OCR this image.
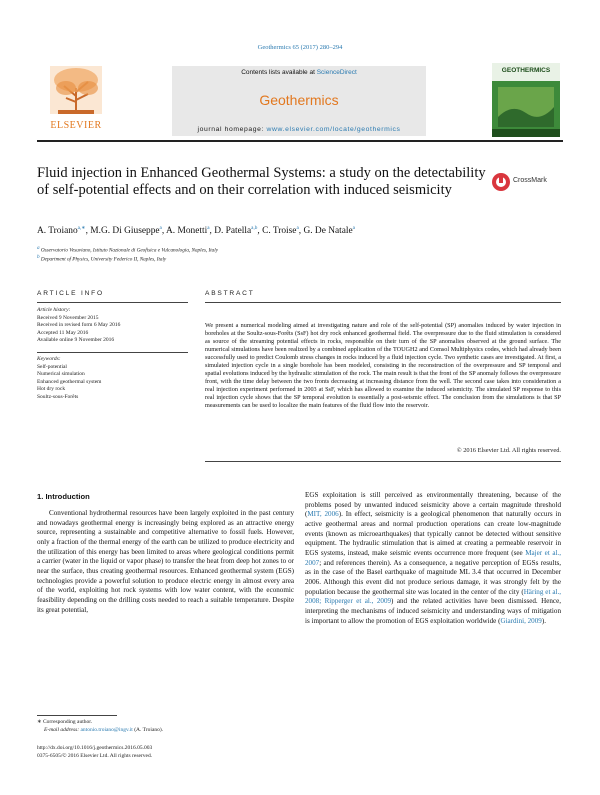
Geothermics 65 (2017) 280–294
ELSEVIER
Contents lists available at ScienceDirect
Geothermics
journal homepage: www.elsevier.com/locate/geothermics
GEOTHERMICS
Fluid injection in Enhanced Geothermal Systems: a study on the detectability of self-potential effects and on their correlation with induced seismicity
CrossMark
A. Troiano$^{a,∗}$, M.G. Di Giuseppe$^a$, A. Monetti$^a$, D. Patella$^{a,b}$, C. Troise$^a$, G. De Natale$^a$
a Osservatorio Vesuviano, Istituto Nazionale di Geofisica e Vulcanologia, Naples, Italy
b Department of Physics, University Federico II, Naples, Italy
ARTICLE INFO	ABSTRACT
Article history:
Received 9 November 2015
Received in revised form 6 May 2016
Accepted 11 May 2016
Available online 9 November 2016
Keywords:
Self-potential
Numerical simulation
Enhanced geothermal system
Hot dry rock
Soultz-sous-Forêts
We present a numerical modeling aimed at investigating nature and role of the self-potential (SP) anomalies induced by water injection in boreholes at the Soultz-sous-Forêts (SsF) hot dry rock enhanced geothermal field. The overpressure due to the fluid stimulation is considered as source of the streaming potential effects in rocks, responsible on their turn of the SP anomalies observed at the ground surface. The numerical simulations have been realized by a combined application of the TOUGH2 and Comsol Multiphysics codes, which had already been successfully used to predict Coulomb stress changes in rocks induced by a fluid injection cycle. Two synthetic cases are investigated. At first, a simulated injection cycle in a single borehole has been modeled, consisting in the reconstruction of the overpressure and SP temporal and spatial evolutions induced by the hydraulic stimulation of the rock. The main result is that the front of the SP anomaly follows the overpressure front, with the time delay between the two fronts decreasing at increasing distance from the well. The second case takes into consideration a real injection experiment performed in 2003 at SsF, which has allowed to examine the induced seismicity. The simulated SP response to this real injection cycle shows that the SP temporal evolution is essentially a post-seismic effect. The conclusion from the simulations is that SP measurements can be used to localize the main features of the fluid flow into the reservoir.
© 2016 Elsevier Ltd. All rights reserved.
1. Introduction
Conventional hydrothermal resources have been largely exploited in the past century and nowadays geothermal energy is increasingly being explored as an attractive energy source, representing a sustainable and competitive alternative to fossil fuels. However, only a fraction of the thermal energy of the earth can be utilized to produce electricity and the utilization of this energy has been limited to areas where geological conditions permit a carrier (water in the liquid or vapor phase) to transfer the heat from deep hot zones to or near the surface, thus creating geothermal resources. Enhanced geothermal system (EGS) technologies provide a powerful solution to produce electric energy in almost every area of the world, exploiting hot rock systems with low water content, with the economic feasibility depending on the drilling costs needed to reach a suitable temperature. Despite its great potential,
EGS exploitation is still perceived as environmentally threatening, because of the problems posed by unwanted induced seismicity above a certain magnitude threshold (MIT, 2006). In effect, seismicity is a geological phenomenon that naturally occurs in active geothermal areas and normal production operations can create low-magnitude events (known as microearthquakes) that typically cannot be detected without sensitive equipment. The hydraulic stimulation that is aimed at creating a permeable reservoir in EGS systems, instead, make seismic events occurrence more frequent (see Majer et al., 2007; and references therein). As a consequence, a negative perception of EGSs results, as in the case of the Basel earthquake of magnitude ML 3.4 that occurred in December 2006. Although this event did not produce serious damage, it was strongly felt by the population because the geothermal site was located in the center of the city (Häring et al., 2008; Ripperger et al., 2009) and the related activities have been dismissed. Hence, interpreting the mechanisms of induced seismicity and understanding ways of mitigation is important to allow the promotion of EGS exploitation worldwide (Giardini, 2009).
∗ Corresponding author.
E-mail address: antonio.troiano@ingv.it (A. Troiano).
http://dx.doi.org/10.1016/j.geothermics.2016.05.003
0375-6505/© 2016 Elsevier Ltd. All rights reserved.
